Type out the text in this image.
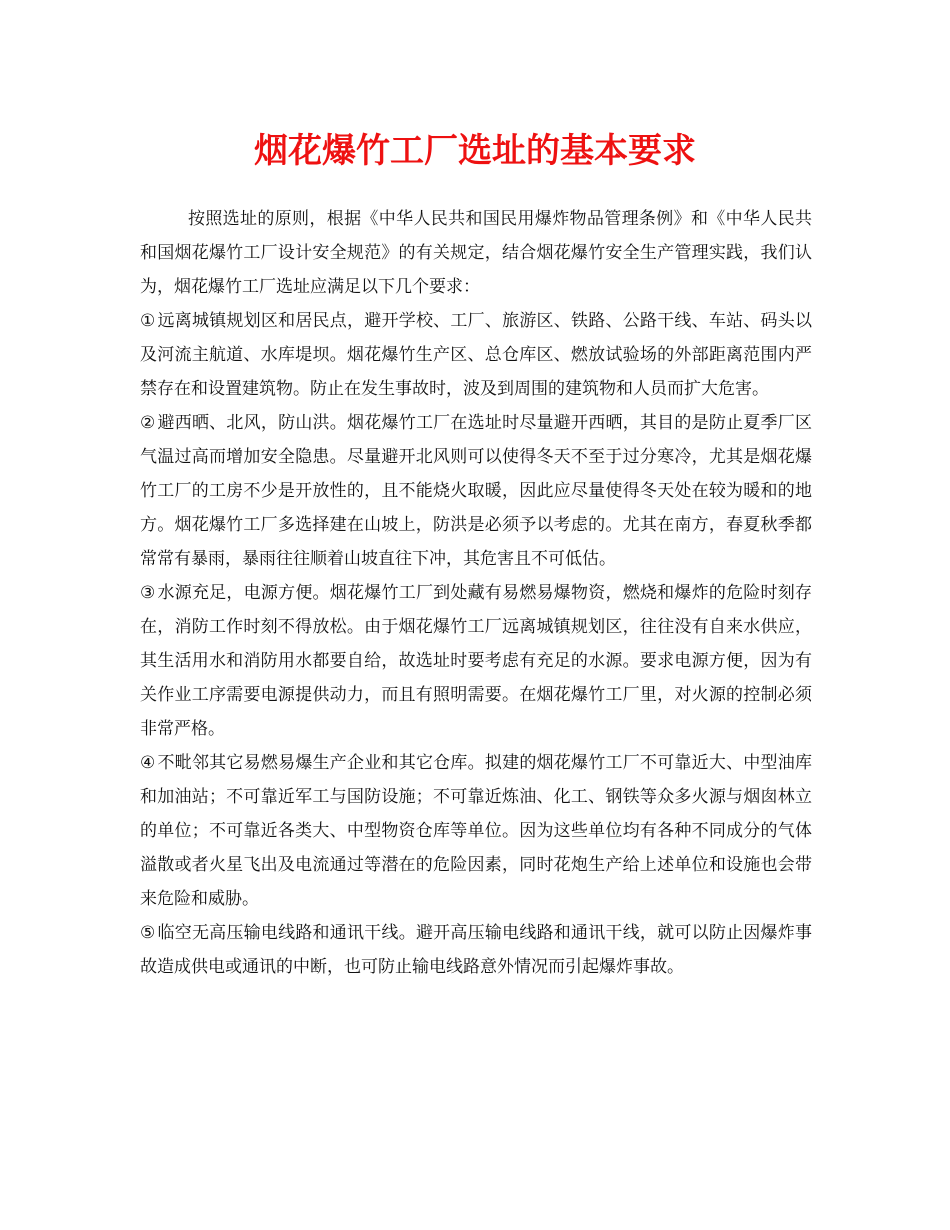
烟花爆竹工厂选址的基本要求

按照选址的原则，根据《中华人民共和国民用爆炸物品管理条例》和《中华人民共和国烟花爆竹工厂设计安全规范》的有关规定，结合烟花爆竹安全生产管理实践，我们认为，烟花爆竹工厂选址应满足以下几个要求：

① 远离城镇规划区和居民点，避开学校、工厂、旅游区、铁路、公路干线、车站、码头以及河流主航道、水库堤坝。烟花爆竹生产区、总仓库区、燃放试验场的外部距离范围内严禁存在和设置建筑物。防止在发生事故时，波及到周围的建筑物和人员而扩大危害。

② 避西晒、北风，防山洪。烟花爆竹工厂在选址时尽量避开西晒，其目的是防止夏季厂区气温过高而增加安全隐患。尽量避开北风则可以使得冬天不至于过分寒冷，尤其是烟花爆竹工厂的工房不少是开放性的，且不能烧火取暖，因此应尽量使得冬天处在较为暖和的地方。烟花爆竹工厂多选择建在山坡上，防洪是必须予以考虑的。尤其在南方，春夏秋季都常常有暴雨，暴雨往往顺着山坡直往下冲，其危害且不可低估。

③ 水源充足，电源方便。烟花爆竹工厂到处藏有易燃易爆物资，燃烧和爆炸的危险时刻存在，消防工作时刻不得放松。由于烟花爆竹工厂远离城镇规划区，往往没有自来水供应，其生活用水和消防用水都要自给，故选址时要考虑有充足的水源。要求电源方便，因为有关作业工序需要电源提供动力，而且有照明需要。在烟花爆竹工厂里，对火源的控制必须非常严格。

④ 不毗邻其它易燃易爆生产企业和其它仓库。拟建的烟花爆竹工厂不可靠近大、中型油库和加油站；不可靠近军工与国防设施；不可靠近炼油、化工、钢铁等众多火源与烟囱林立的单位；不可靠近各类大、中型物资仓库等单位。因为这些单位均有各种不同成分的气体溢散或者火星飞出及电流通过等潜在的危险因素，同时花炮生产给上述单位和设施也会带来危险和威胁。

⑤ 临空无高压输电线路和通讯干线。避开高压输电线路和通讯干线，就可以防止因爆炸事故造成供电或通讯的中断，也可防止输电线路意外情况而引起爆炸事故。
